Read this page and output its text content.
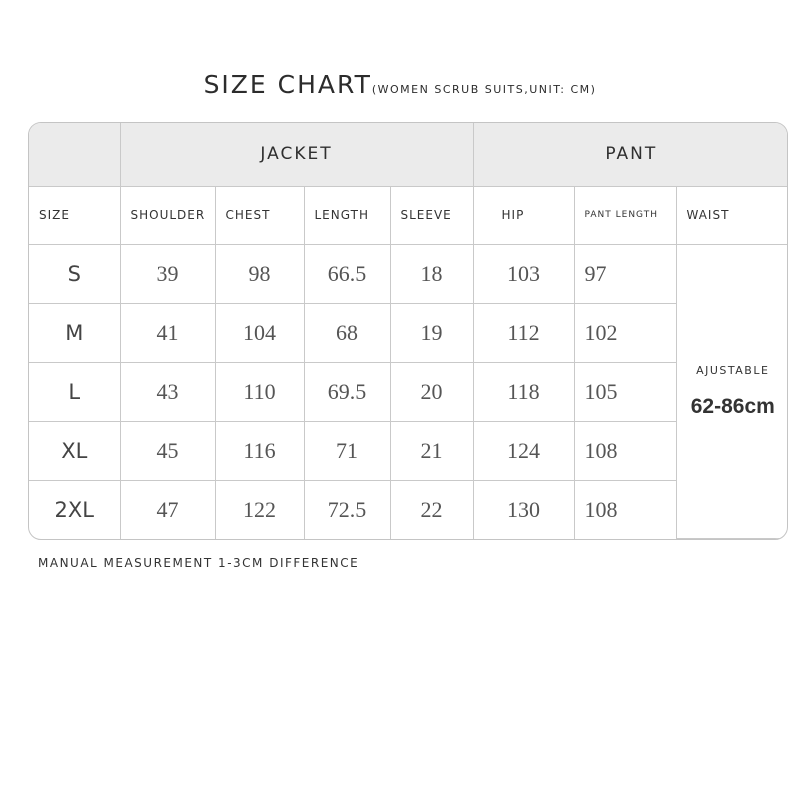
SIZE CHART(WOMEN SCRUB SUITS,UNIT: CM)
	JACKET				PANT		
SIZE	SHOULDER	CHEST	LENGTH	SLEEVE	HIP	PANT LENGTH	WAIST
S	39	98	66.5	18	103	97	AJUSTABLE
62-86cm

M	41	104	68	19	112	102	
L	43	110	69.5	20	118	105	
XL	45	116	71	21	124	108	
2XL	47	122	72.5	22	130	108	
MANUAL MEASUREMENT 1-3CM DIFFERENCE
